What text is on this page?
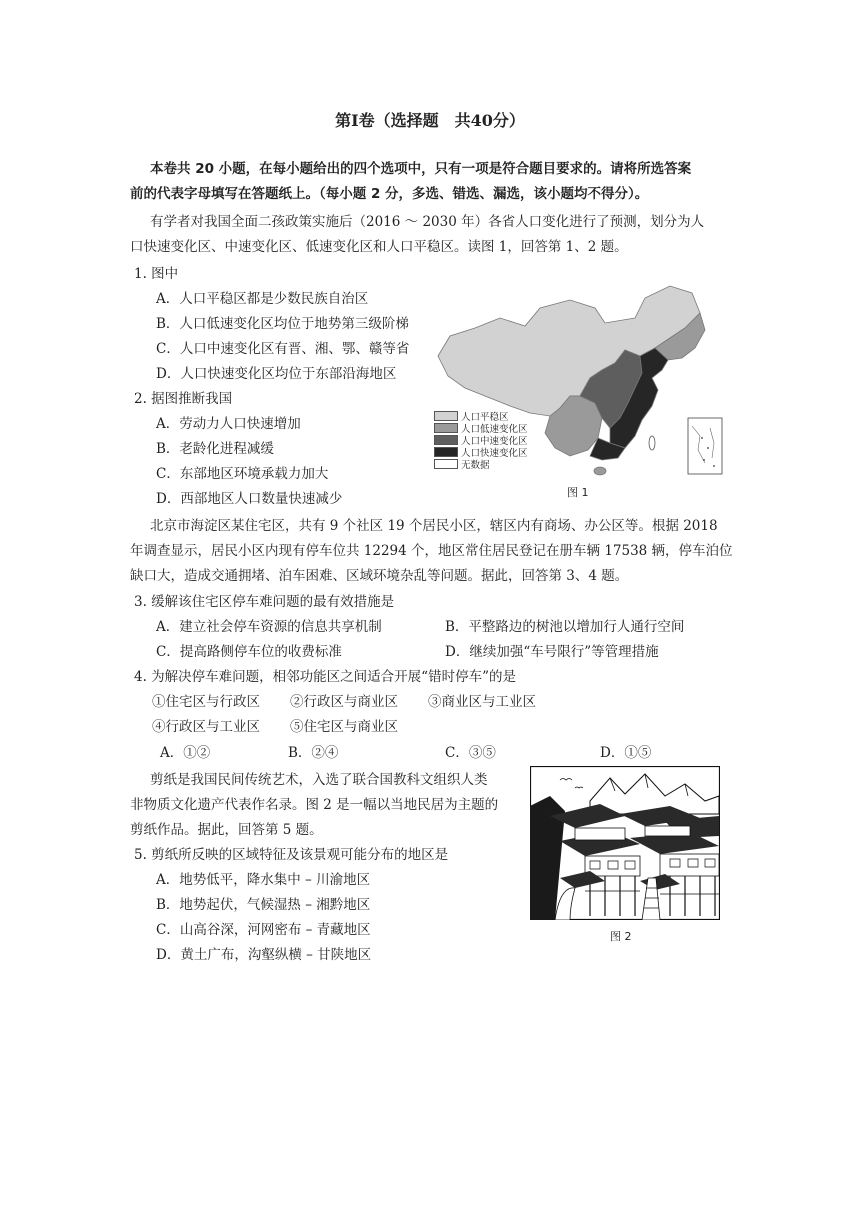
第Ⅰ卷（选择题　共40分）
本卷共 20 小题，在每小题给出的四个选项中，只有一项是符合题目要求的。请将所选答案
前的代表字母填写在答题纸上。（每小题 2 分，多选、错选、漏选，该小题均不得分）。
有学者对我国全面二孩政策实施后（2016 ～ 2030 年）各省人口变化进行了预测，划分为人
口快速变化区、中速变化区、低速变化区和人口平稳区。读图 1，回答第 1、2 题。
1. 图中
A．人口平稳区都是少数民族自治区
B．人口低速变化区均位于地势第三级阶梯
C．人口中速变化区有晋、湘、鄂、赣等省
D．人口快速变化区均位于东部沿海地区
2. 据图推断我国
A．劳动力人口快速增加
B．老龄化进程减缓
C．东部地区环境承载力加大
D．西部地区人口数量快速减少
人口平稳区
人口低速变化区
人口中速变化区
人口快速变化区
无数据
图 1
北京市海淀区某住宅区，共有 9 个社区 19 个居民小区，辖区内有商场、办公区等。根据 2018
年调查显示，居民小区内现有停车位共 12294 个，地区常住居民登记在册车辆 17538 辆，停车泊位
缺口大，造成交通拥堵、泊车困难、区域环境杂乱等问题。据此，回答第 3、4 题。
3. 缓解该住宅区停车难问题的最有效措施是
A．建立社会停车资源的信息共享机制	B．平整路边的树池以增加行人通行空间
C．提高路侧停车位的收费标准	D．继续加强“车号限行”等管理措施
4. 为解决停车难问题，相邻功能区之间适合开展“错时停车”的是
①住宅区与行政区 ②行政区与商业区 ③商业区与工业区
④行政区与工业区 ⑤住宅区与商业区
A．①②	B．②④	C．③⑤	D．①⑤
剪纸是我国民间传统艺术，入选了联合国教科文组织人类
非物质文化遗产代表作名录。图 2 是一幅以当地民居为主题的
剪纸作品。据此，回答第 5 题。
5. 剪纸所反映的区域特征及该景观可能分布的地区是
A．地势低平，降水集中 – 川渝地区
B．地势起伏，气候湿热 – 湘黔地区
C．山高谷深，河网密布 – 青藏地区
D．黄土广布，沟壑纵横 – 甘陕地区
图 2
